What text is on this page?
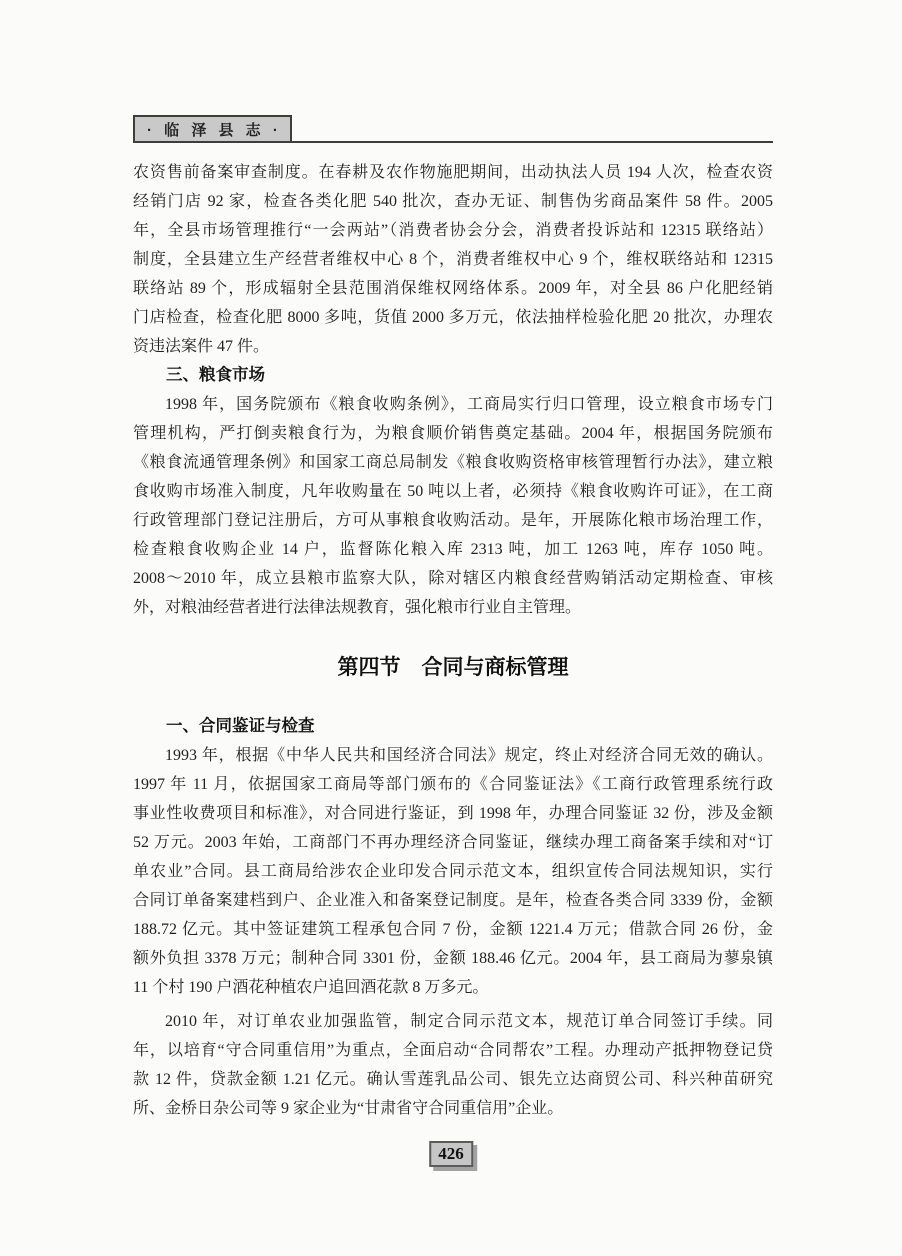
· 临 泽 县 志 ·
农资售前备案审查制度。在春耕及农作物施肥期间，出动执法人员 194 人次，检查农资
经销门店 92 家，检查各类化肥 540 批次，查办无证、制售伪劣商品案件 58 件。2005
年，全县市场管理推行“一会两站”（消费者协会分会，消费者投诉站和 12315 联络站）
制度，全县建立生产经营者维权中心 8 个，消费者维权中心 9 个，维权联络站和 12315
联络站 89 个，形成辐射全县范围消保维权网络体系。2009 年，对全县 86 户化肥经销
门店检查，检查化肥 8000 多吨，货值 2000 多万元，依法抽样检验化肥 20 批次，办理农
资违法案件 47 件。
三、粮食市场
1998 年，国务院颁布《粮食收购条例》，工商局实行归口管理，设立粮食市场专门
管理机构，严打倒卖粮食行为，为粮食顺价销售奠定基础。2004 年，根据国务院颁布
《粮食流通管理条例》和国家工商总局制发《粮食收购资格审核管理暂行办法》，建立粮
食收购市场准入制度，凡年收购量在 50 吨以上者，必须持《粮食收购许可证》，在工商
行政管理部门登记注册后，方可从事粮食收购活动。是年，开展陈化粮市场治理工作，
检查粮食收购企业 14 户，监督陈化粮入库 2313 吨，加工 1263 吨，库存 1050 吨。
2008～2010 年，成立县粮市监察大队，除对辖区内粮食经营购销活动定期检查、审核
外，对粮油经营者进行法律法规教育，强化粮市行业自主管理。
第四节　合同与商标管理
一、合同鉴证与检查
1993 年，根据《中华人民共和国经济合同法》规定，终止对经济合同无效的确认。
1997 年 11 月，依据国家工商局等部门颁布的《合同鉴证法》《工商行政管理系统行政
事业性收费项目和标准》，对合同进行鉴证，到 1998 年，办理合同鉴证 32 份，涉及金额
52 万元。2003 年始，工商部门不再办理经济合同鉴证，继续办理工商备案手续和对“订
单农业”合同。县工商局给涉农企业印发合同示范文本，组织宣传合同法规知识，实行
合同订单备案建档到户、企业准入和备案登记制度。是年，检查各类合同 3339 份，金额
188.72 亿元。其中签证建筑工程承包合同 7 份，金额 1221.4 万元；借款合同 26 份，金
额外负担 3378 万元；制种合同 3301 份，金额 188.46 亿元。2004 年，县工商局为蓼泉镇
11 个村 190 户酒花种植农户追回酒花款 8 万多元。
2010 年，对订单农业加强监管，制定合同示范文本，规范订单合同签订手续。同
年，以培育“守合同重信用”为重点，全面启动“合同帮农”工程。办理动产抵押物登记贷
款 12 件，贷款金额 1.21 亿元。确认雪莲乳品公司、银先立达商贸公司、科兴种苗研究
所、金桥日杂公司等 9 家企业为“甘肃省守合同重信用”企业。
426
